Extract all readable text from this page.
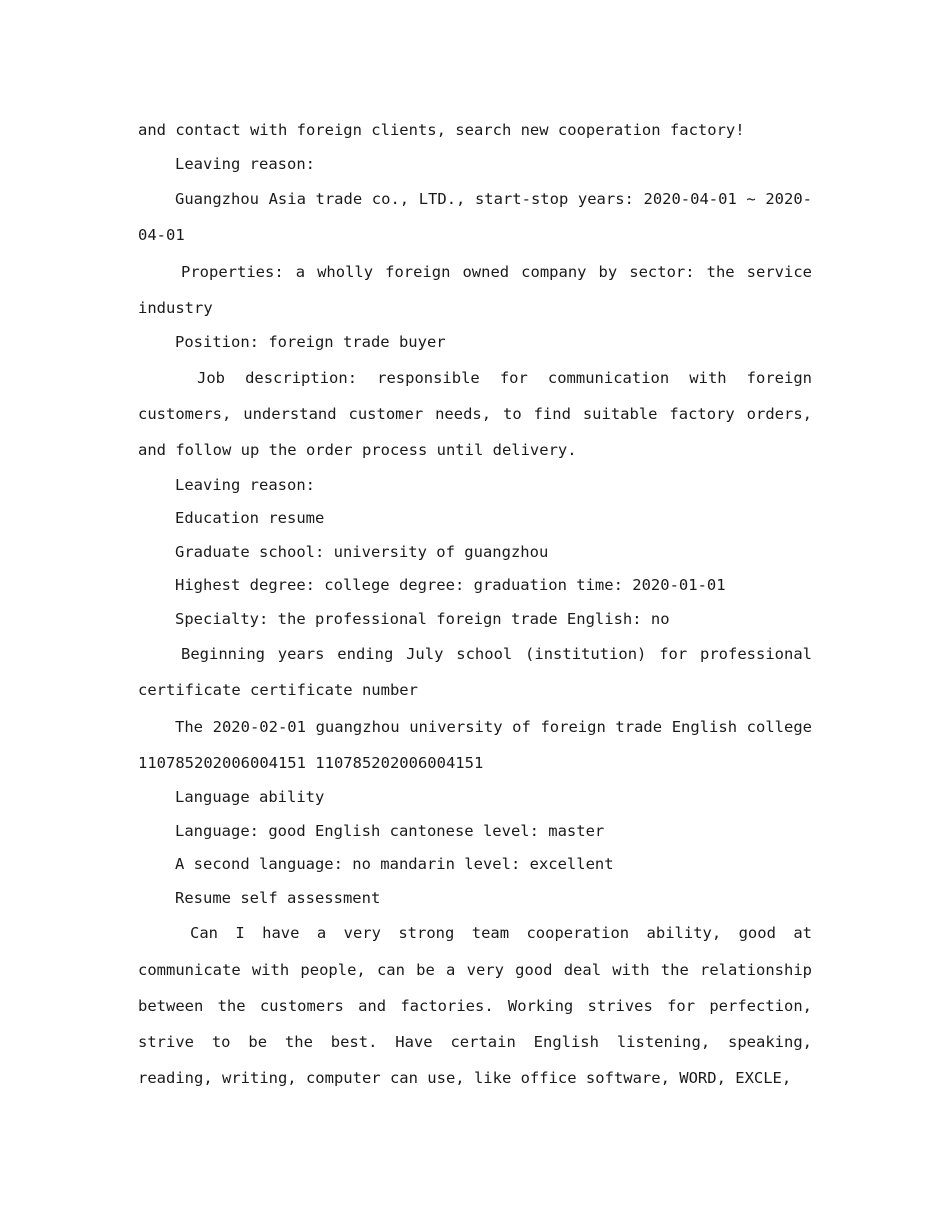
and contact with foreign clients, search new cooperation factory!

Leaving reason:

Guangzhou Asia trade co., LTD., start-stop years: 2020-04-01 ~ 2020-04-01

Properties: a wholly foreign owned company by sector: the service industry

Position: foreign trade buyer

Job description: responsible for communication with foreign customers, understand customer needs, to find suitable factory orders, and follow up the order process until delivery.

Leaving reason:

Education resume

Graduate school: university of guangzhou

Highest degree: college degree: graduation time: 2020-01-01

Specialty: the professional foreign trade English: no

Beginning years ending July school (institution) for professional certificate certificate number

The 2020-02-01 guangzhou university of foreign trade English college 110785202006004151 110785202006004151

Language ability

Language: good English cantonese level: master

A second language: no mandarin level: excellent

Resume self assessment

Can I have a very strong team cooperation ability, good at communicate with people, can be a very good deal with the relationship between the customers and factories. Working strives for perfection, strive to be the best. Have certain English listening, speaking, reading, writing, computer can use, like office software, WORD, EXCLE,
